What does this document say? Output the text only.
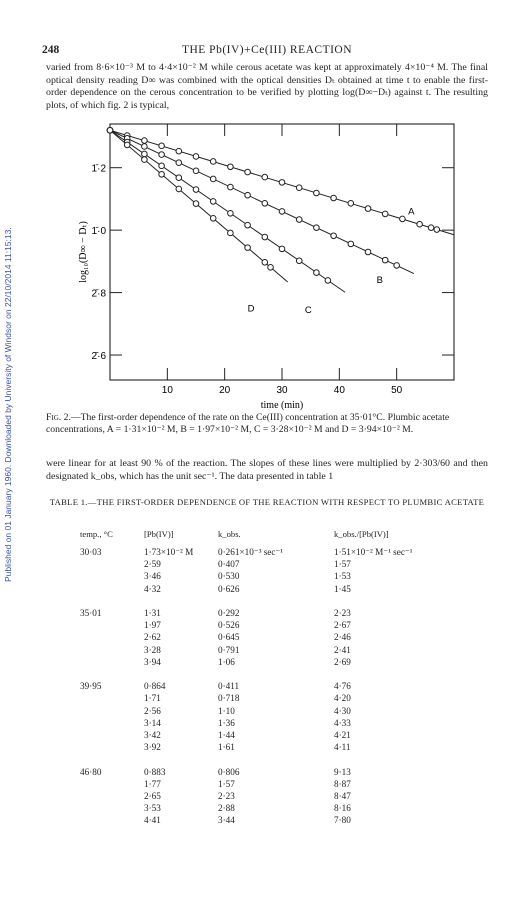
Published on 01 January 1960. Downloaded by University of Windsor on 22/10/2014 11:15:13.
248	THE Pb(IV)+Ce(III) REACTION
varied from 8·6×10⁻³ M to 4·4×10⁻² M while cerous acetate was kept at approximately 4×10⁻⁴ M. The final optical density reading D∞ was combined with the optical densities Dₜ obtained at time t to enable the first-order dependence on the cerous concentration to be verified by plotting log(D∞−Dₜ) against t. The resulting plots, of which fig. 2 is typical,
log₁₀(D∞ − Dₜ)
time (min)
10	20	30	40	50
1̄·2
1̄·0
2̄·8
2̄·6
A
B
C
D
Fig. 2.—The first-order dependence of the rate on the Ce(III) concentration at 35·01°C. Plumbic acetate concentrations, A = 1·31×10⁻² M, B = 1·97×10⁻² M, C = 3·28×10⁻² M and D = 3·94×10⁻² M.
were linear for at least 90 % of the reaction. The slopes of these lines were multiplied by 2·303/60 and then designated k_obs, which has the unit sec⁻¹. The data presented in table 1
TABLE 1.—THE FIRST-ORDER DEPENDENCE OF THE REACTION WITH RESPECT TO PLUMBIC ACETATE
temp., °C	[Pb(IV)]	k_obs.	k_obs./[Pb(IV)]
30·03	1·73×10⁻² M	0·261×10⁻³ sec⁻¹	1·51×10⁻² M⁻¹ sec⁻¹
	2·59	0·407	1·57
	3·46	0·530	1·53
	4·32	0·626	1·45

35·01	1·31	0·292	2·23
	1·97	0·526	2·67
	2·62	0·645	2·46
	3·28	0·791	2·41
	3·94	1·06	2·69

39·95	0·864	0·411	4·76
	1·71	0·718	4·20
	2·56	1·10	4·30
	3·14	1·36	4·33
	3·42	1·44	4·21
	3·92	1·61	4·11

46·80	0·883	0·806	9·13
	1·77	1·57	8·87
	2·65	2·23	8·47
	3·53	2·88	8·16
	4·41	3·44	7·80
